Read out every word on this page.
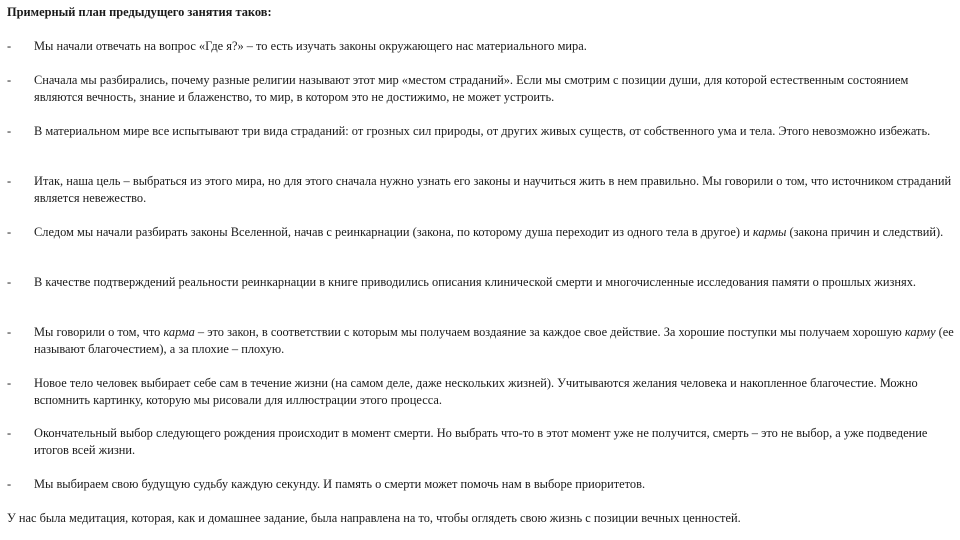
Примерный план предыдущего занятия таков:
- Мы начали отвечать на вопрос «Где я?» – то есть изучать законы окружающего нас материального мира.
- Сначала мы разбирались, почему разные религии называют этот мир «местом страданий». Если мы смотрим с позиции души, для которой естественным состоянием являются вечность, знание и блаженство, то мир, в котором это не достижимо, не может устроить.
- В материальном мире все испытывают три вида страданий: от грозных сил природы, от других живых существ, от собственного ума и тела. Этого невозможно избежать.
- Итак, наша цель – выбраться из этого мира, но для этого сначала нужно узнать его законы и научиться жить в нем правильно. Мы говорили о том, что источником страданий является невежество.
- Следом мы начали разбирать законы Вселенной, начав с реинкарнации (закона, по которому душа переходит из одного тела в другое) и кармы (закона причин и следствий).
- В качестве подтверждений реальности реинкарнации в книге приводились описания клинической смерти и многочисленные исследования памяти о прошлых жизнях.
- Мы говорили о том, что карма – это закон, в соответствии с которым мы получаем воздаяние за каждое свое действие. За хорошие поступки мы получаем хорошую карму (ее называют благочестием), а за плохие – плохую.
- Новое тело человек выбирает себе сам в течение жизни (на самом деле, даже нескольких жизней). Учитываются желания человека и накопленное благочестие. Можно вспомнить картинку, которую мы рисовали для иллюстрации этого процесса.
- Окончательный выбор следующего рождения происходит в момент смерти. Но выбрать что-то в этот момент уже не получится, смерть – это не выбор, а уже подведение итогов всей жизни.
- Мы выбираем свою будущую судьбу каждую секунду. И память о смерти может помочь нам в выборе приоритетов.
У нас была медитация, которая, как и домашнее задание, была направлена на то, чтобы оглядеть свою жизнь с позиции вечных ценностей.
